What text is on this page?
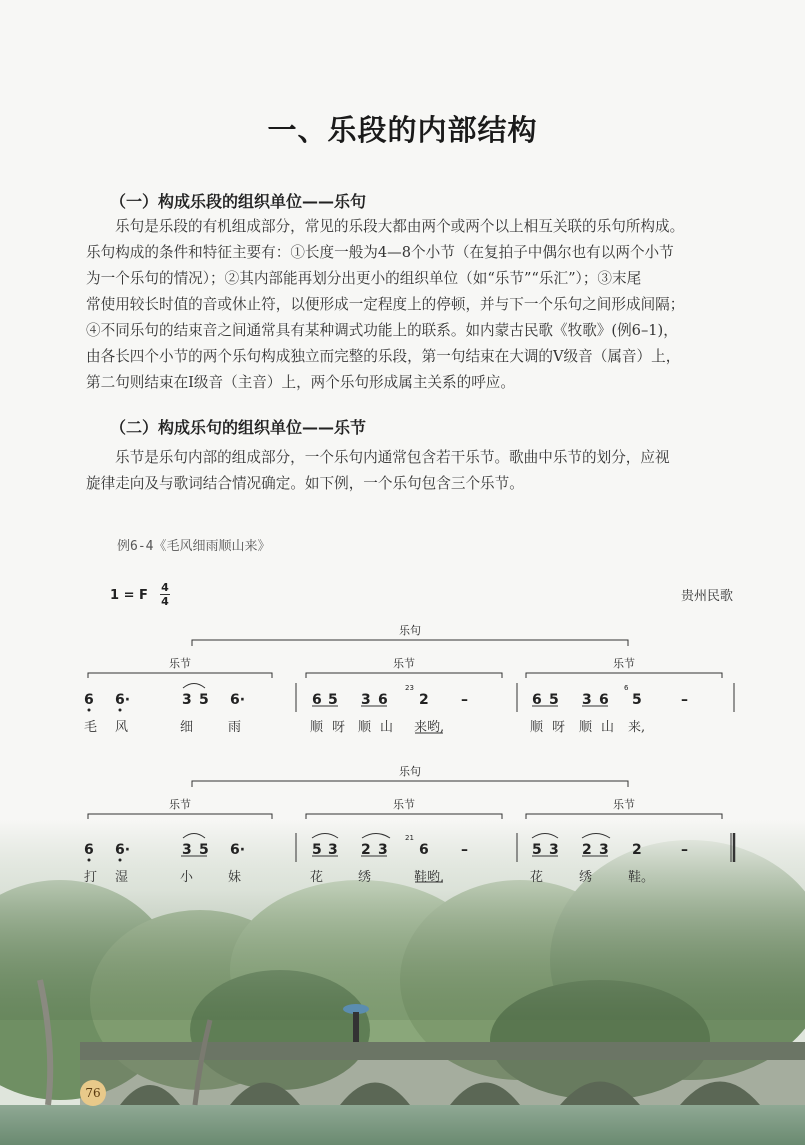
一、乐段的内部结构
（一）构成乐段的组织单位——乐句

乐句是乐段的有机组成部分，常见的乐段大都由两个或两个以上相互关联的乐句所构成。

乐句构成的条件和特征主要有：①长度一般为4—8个小节（在复拍子中偶尔也有以两个小节

为一个乐句的情况）；②其内部能再划分出更小的组织单位（如“乐节”“乐汇”）；③末尾

常使用较长时值的音或休止符，以便形成一定程度上的停顿，并与下一个乐句之间形成间隔；

④不同乐句的结束音之间通常具有某种调式功能上的联系。如内蒙古民歌《牧歌》(例6–1)，

由各长四个小节的两个乐句构成独立而完整的乐段，第一句结束在大调的Ⅴ级音（属音）上，

第二句则结束在Ⅰ级音（主音）上，两个乐句形成属主关系的呼应。

（二）构成乐句的组织单位——乐节

乐节是乐句内部的组成部分，一个乐句内通常包含若干乐节。歌曲中乐节的划分，应视

旋律走向及与歌词结合情况确定。如下例，一个乐句包含三个乐节。

例6-4《毛风细雨顺山来》
1 = F
4
4	贵州民歌
乐句
乐节	乐节	乐节
乐句
乐节	乐节	乐节
6 6·	3 5 6·	6 5 3 6 2 –	6 5 3 6 5	–
23	6
毛 风	细	雨	顺 呀 顺 山 来哟,	顺 呀 顺 山 来,
6 6·	3 5 6·	5 3 2 3 6 –	5 3 2 3 2	–
21
打 湿	小	妹	花	绣	鞋哟,	花	绣	鞋。
76
